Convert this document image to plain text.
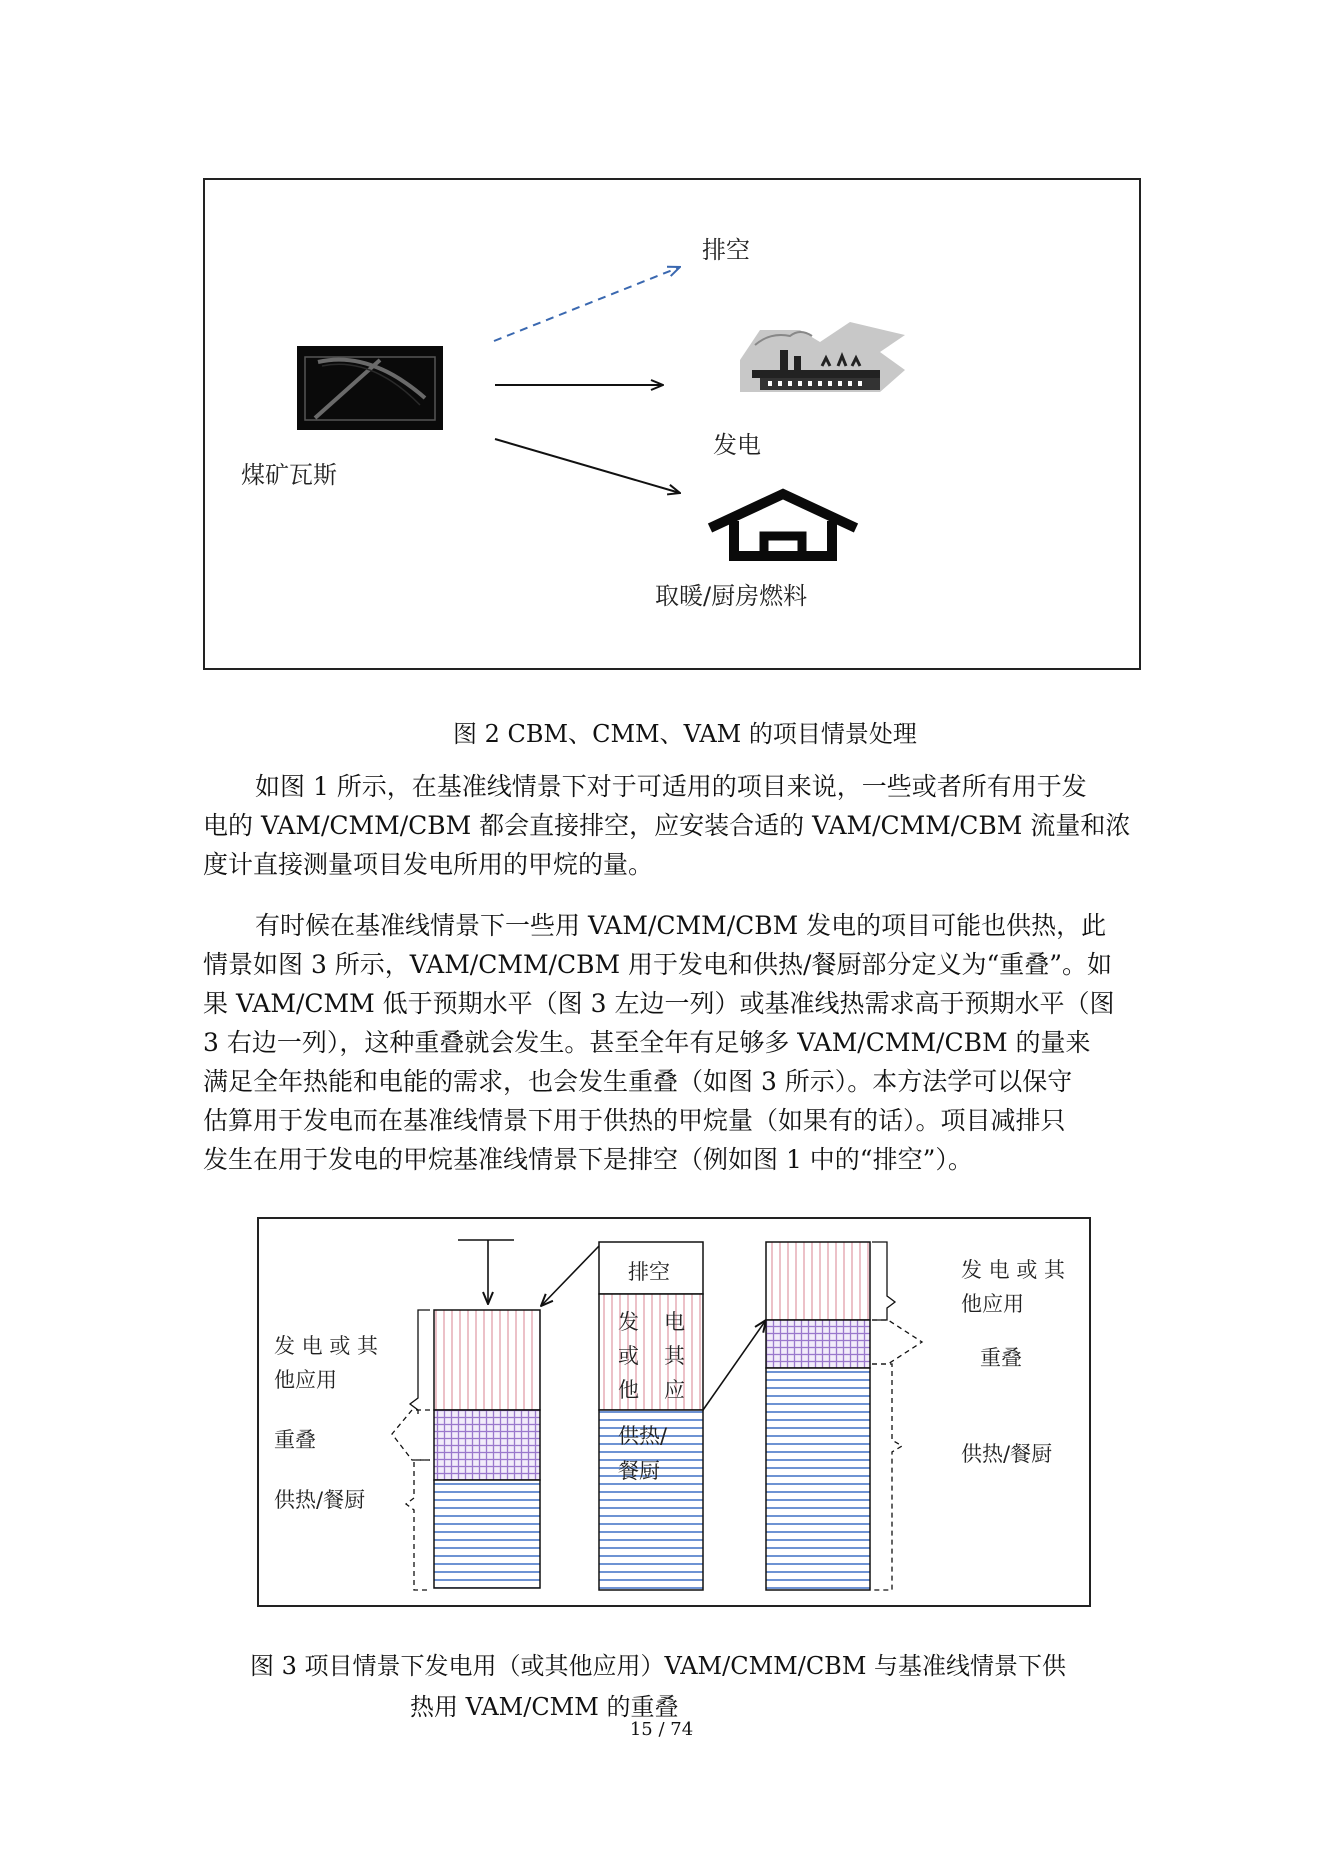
排空
煤矿瓦斯
发电
取暖/厨房燃料
图 2 CBM、CMM、VAM 的项目情景处理
如图 1 所示，在基准线情景下对于可适用的项目来说，一些或者所有用于发
电的 VAM/CMM/CBM 都会直接排空，应安装合适的 VAM/CMM/CBM 流量和浓
度计直接测量项目发电所用的甲烷的量。
有时候在基准线情景下一些用 VAM/CMM/CBM 发电的项目可能也供热，此
情景如图 3 所示，VAM/CMM/CBM 用于发电和供热/餐厨部分定义为“重叠”。如
果 VAM/CMM 低于预期水平（图 3 左边一列）或基准线热需求高于预期水平（图
3 右边一列），这种重叠就会发生。甚至全年有足够多 VAM/CMM/CBM 的量来
满足全年热能和电能的需求，也会发生重叠（如图 3 所示）。本方法学可以保守
估算用于发电而在基准线情景下用于供热的甲烷量（如果有的话）。项目减排只
发生在用于发电的甲烷基准线情景下是排空（例如图 1 中的“排空”）。
发 电 或 其
他应用
重叠
供热/餐厨
排空
发 电
或 其
他 应
供热/
餐厨
发 电 或 其
他应用
重叠
供热/餐厨
图 3 项目情景下发电用（或其他应用）VAM/CMM/CBM 与基准线情景下供
热用 VAM/CMM 的重叠
15 / 74
